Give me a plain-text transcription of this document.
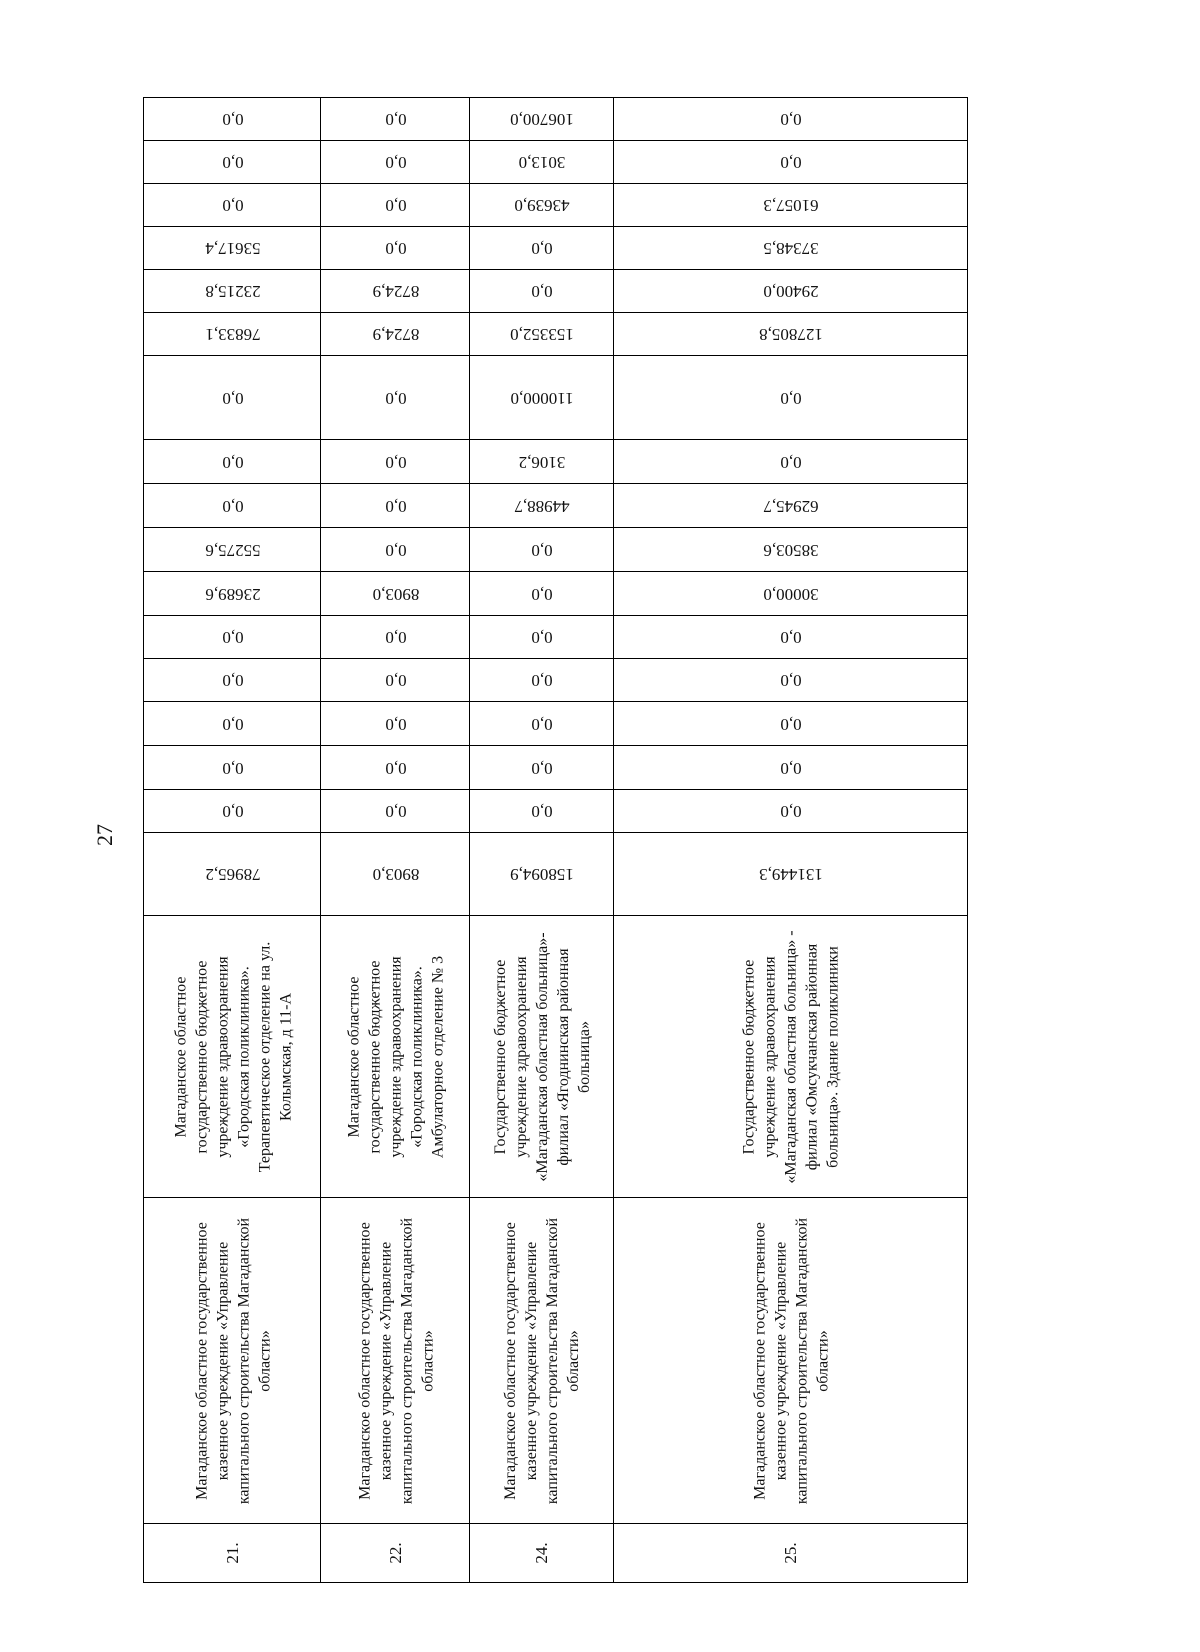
27
78965,2
0,0
0,0
0,0
0,0
0,0
23689,6
55275,6
0,0
0,0
0,0
76833,1
23215,8
53617,4
0,0
0,0
0,0
Магаданское областное государственное бюджетное учреждение здравоохранения «Городская поликлиника». Терапевтическое отделение на ул. Колымская, д 11-А
Магаданское областное государственное казенное учреждение «Управление капитального строительства Магаданской области»
21.
8903,0
0,0
0,0
0,0
0,0
0,0
8903,0
0,0
0,0
0,0
0,0
8724,9
8724,9
0,0
0,0
0,0
0,0
Магаданское областное государственное бюджетное учреждение здравоохранения «Городская поликлиника». Амбулаторное отделение № 3
Магаданское областное государственное казенное учреждение «Управление капитального строительства Магаданской области»
22.
158094,9
0,0
0,0
0,0
0,0
0,0
0,0
0,0
44988,7
3106,2
110000,0
153352,0
0,0
0,0
43639,0
3013,0
106700,0
Государственное бюджетное учреждение здравоохранения «Магаданская областная больница»- филиал «Ягоднинская районная больница»
Магаданское областное государственное казенное учреждение «Управление капитального строительства Магаданской области»
24.
131449,3
0,0
0,0
0,0
0,0
0,0
30000,0
38503,6
62945,7
0,0
0,0
127805,8
29400,0
37348,5
61057,3
0,0
0,0
Государственное бюджетное учреждение здравоохранения «Магаданская областная больница» - филиал «Омсукчанская районная больница». Здание поликлиники
Магаданское областное государственное казенное учреждение «Управление капитального строительства Магаданской области»
25.
